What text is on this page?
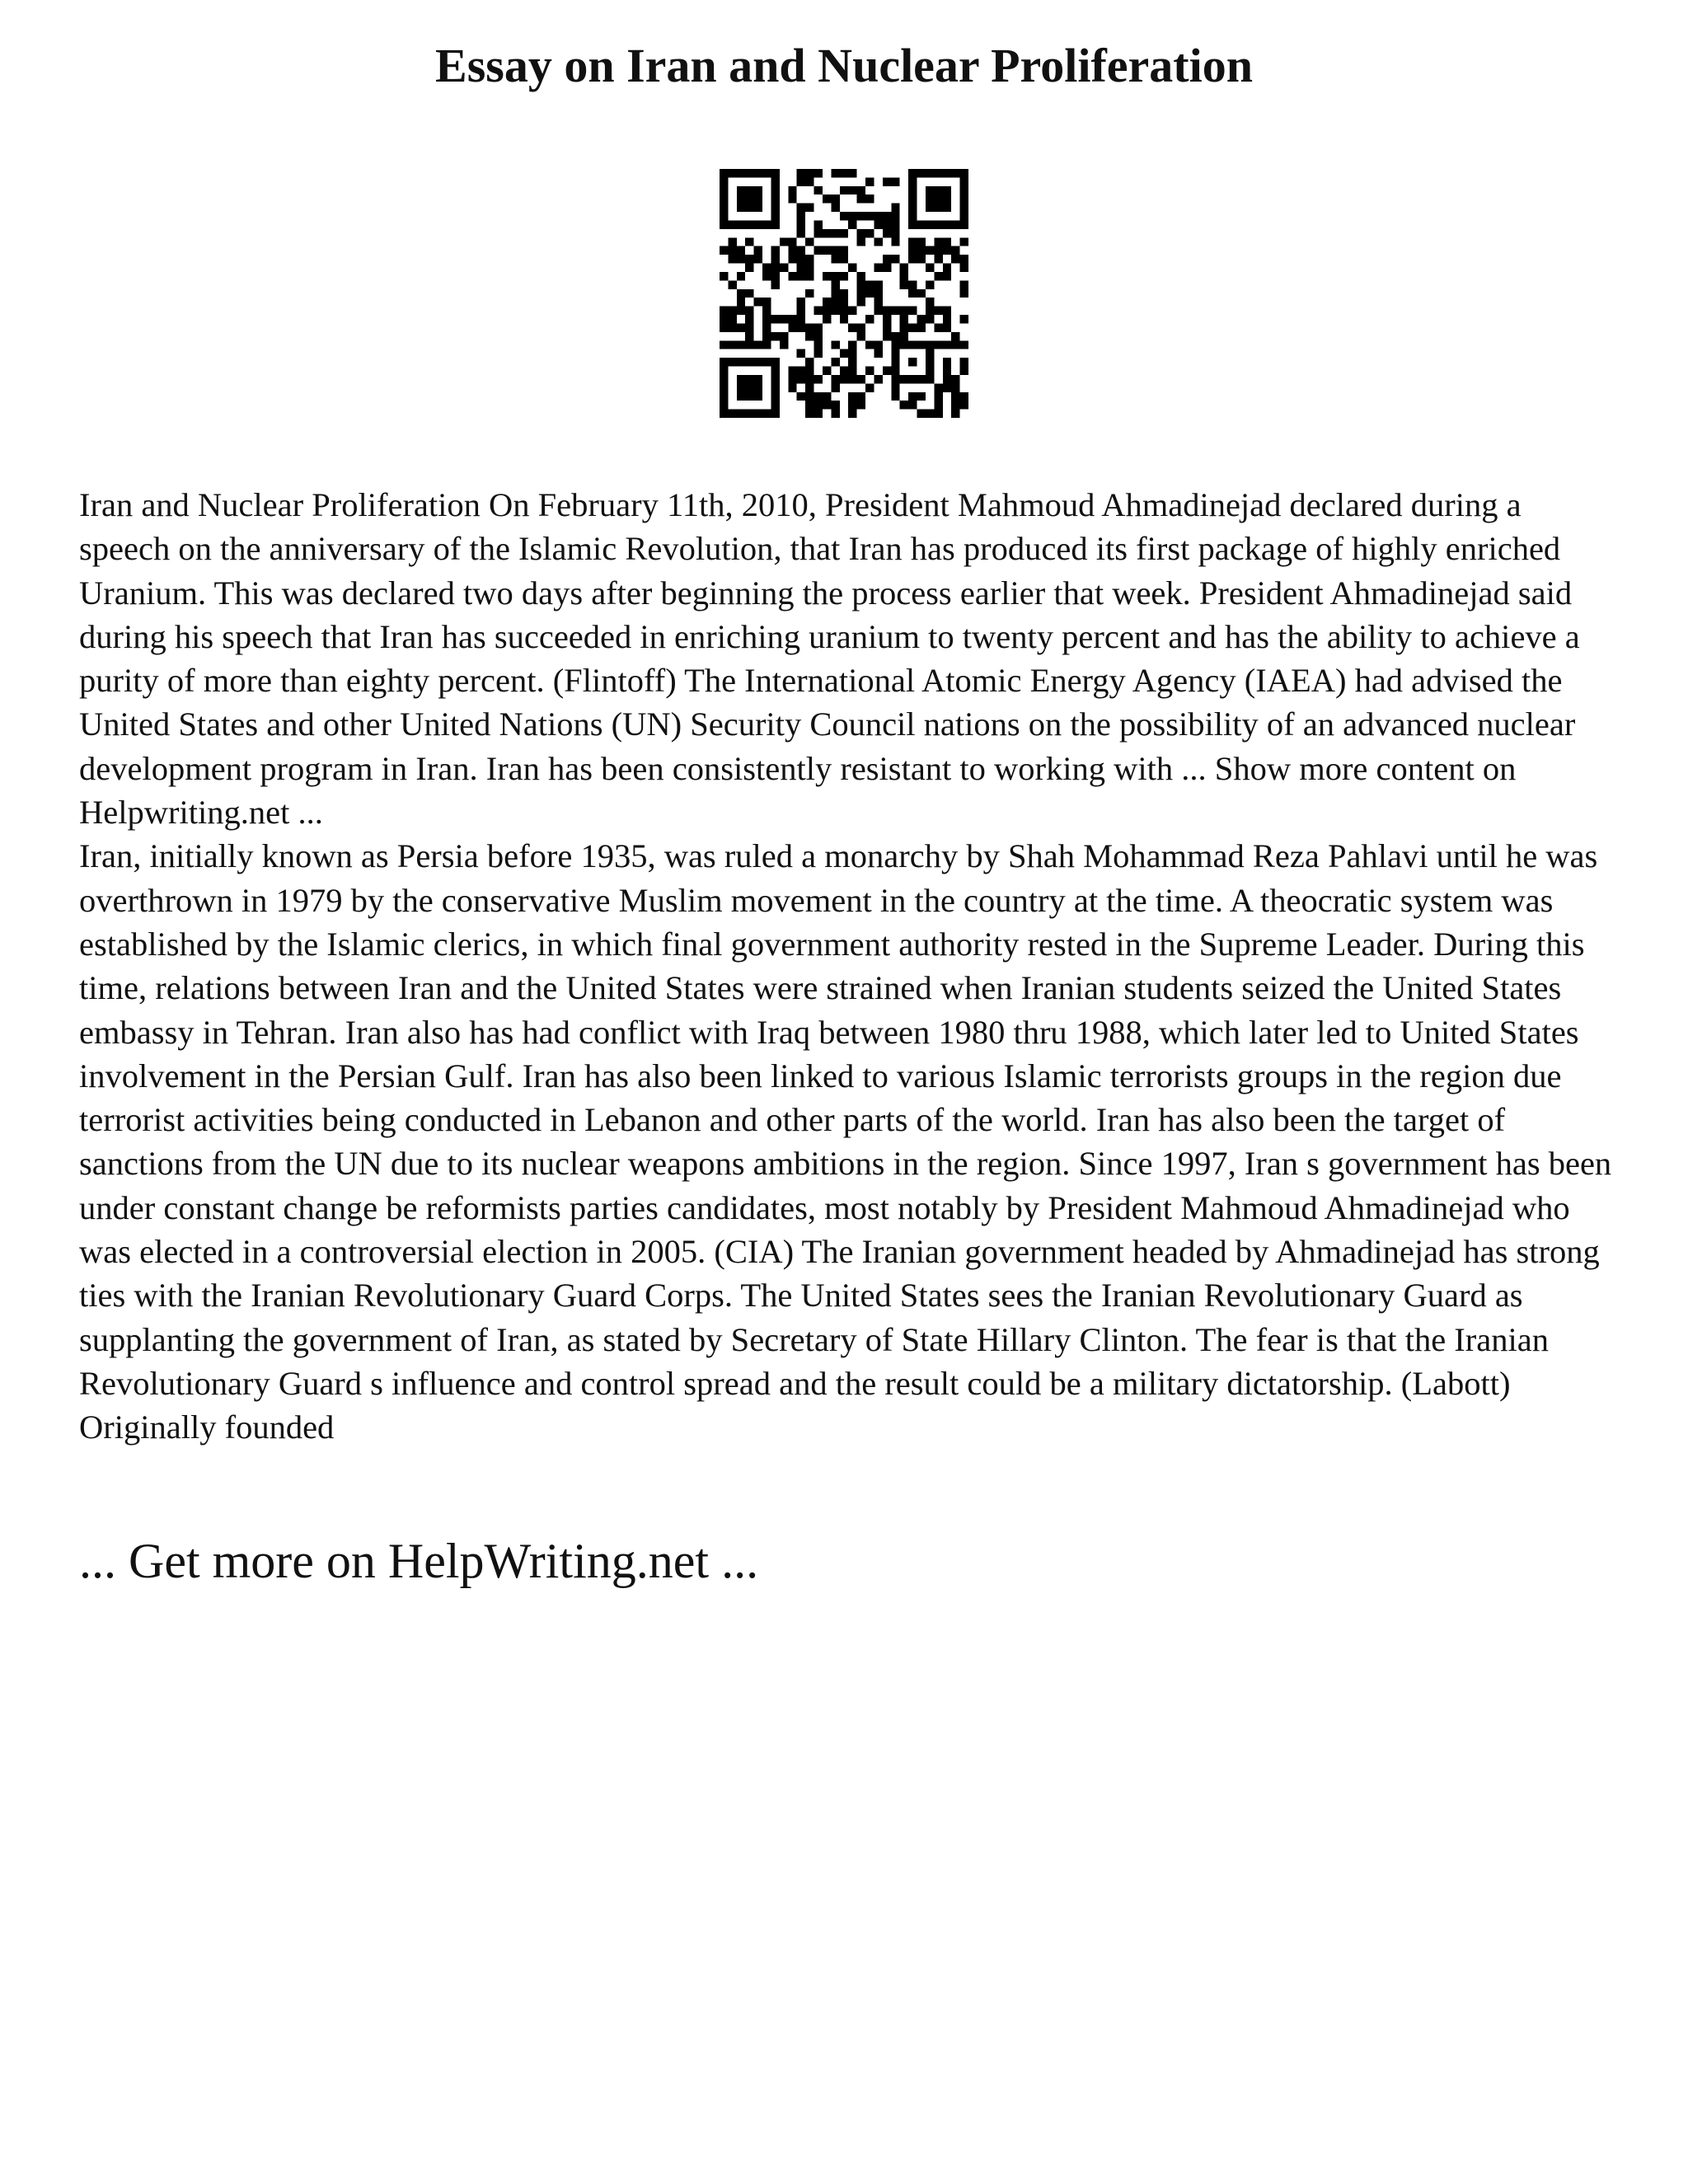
Essay on Iran and Nuclear Proliferation

Iran and Nuclear Proliferation On February 11th, 2010, President Mahmoud Ahmadinejad declared during a speech on the anniversary of the Islamic Revolution, that Iran has produced its first package of highly enriched Uranium. This was declared two days after beginning the process earlier that week. President Ahmadinejad said during his speech that Iran has succeeded in enriching uranium to twenty percent and has the ability to achieve a purity of more than eighty percent. (Flintoff) The International Atomic Energy Agency (IAEA) had advised the United States and other United Nations (UN) Security Council nations on the possibility of an advanced nuclear development program in Iran. Iran has been consistently resistant to working with ... Show more content on Helpwriting.net ...

Iran, initially known as Persia before 1935, was ruled a monarchy by Shah Mohammad Reza Pahlavi until he was overthrown in 1979 by the conservative Muslim movement in the country at the time. A theocratic system was established by the Islamic clerics, in which final government authority rested in the Supreme Leader. During this time, relations between Iran and the United States were strained when Iranian students seized the United States embassy in Tehran. Iran also has had conflict with Iraq between 1980 thru 1988, which later led to United States involvement in the Persian Gulf. Iran has also been linked to various Islamic terrorists groups in the region due terrorist activities being conducted in Lebanon and other parts of the world. Iran has also been the target of sanctions from the UN due to its nuclear weapons ambitions in the region. Since 1997, Iran s government has been under constant change be reformists parties candidates, most notably by President Mahmoud Ahmadinejad who was elected in a controversial election in 2005. (CIA) The Iranian government headed by Ahmadinejad has strong ties with the Iranian Revolutionary Guard Corps. The United States sees the Iranian Revolutionary Guard as supplanting the government of Iran, as stated by Secretary of State Hillary Clinton. The fear is that the Iranian Revolutionary Guard s influence and control spread and the result could be a military dictatorship. (Labott) Originally founded

... Get more on HelpWriting.net ...
